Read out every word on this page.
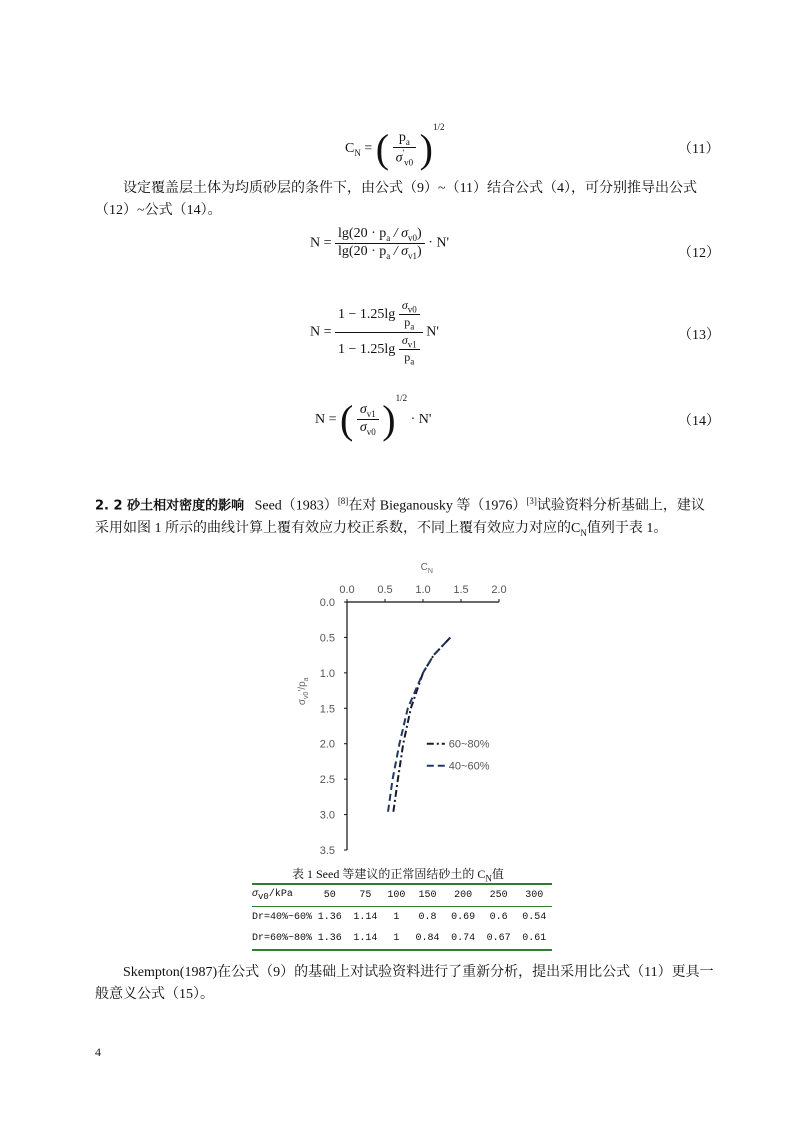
$C_N$ = ( $\frac{p_a}{\sigma'_{v0}} )^{1/2}$
（11）
设定覆盖层土体为均质砂层的条件下，由公式（9）~（11）结合公式（4），可分别推导出公式（12）~公式（14）。
$N = \frac{\lg(20 \cdot p_a / \sigma_{v0})}{\lg(20 \cdot p_a / \sigma_{v1})} \cdot N'$
（12）
$N = \frac{1 - 1.25\lg \frac{\sigma_{v0}}{p_a}}{1 - 1.25\lg \frac{\sigma_{v1}}{p_a}} N'$	（13）
N = ( $\frac{\sigma_{v1}}{\sigma_{v0}} )^{1/2} \cdot N'$	（14）
2. 2 砂土相对密度的影响 Seed（1983）[8]在对 Bieganousky 等（1976）[3]试验资料分析基础上，建议采用如图 1 所示的曲线计算上覆有效应力校正系数，不同上覆有效应力对应的$C_N$值列于表 1。
$C_N$
$\sigma_{v0}'/p_a$
0.0 0.5 1.0 1.5 2.0
0.0
0.5
1.0
1.5
2.0
2.5
3.0
3.5
60~80%
40~60%
表 1 Seed 等建议的正常固结砂土的 $C_N$值
$\sigma_{v0}$/kPa	50	75	100	150	200	250	300
Dr=40%~60%	1.36	1.14	1	0.8	0.69	0.6	0.54
Dr=60%~80%	1.36	1.14	1	0.84	0.74	0.67	0.61
Skempton(1987)在公式（9）的基础上对试验资料进行了重新分析，提出采用比公式（11）更具一般意义公式（15）。
4
